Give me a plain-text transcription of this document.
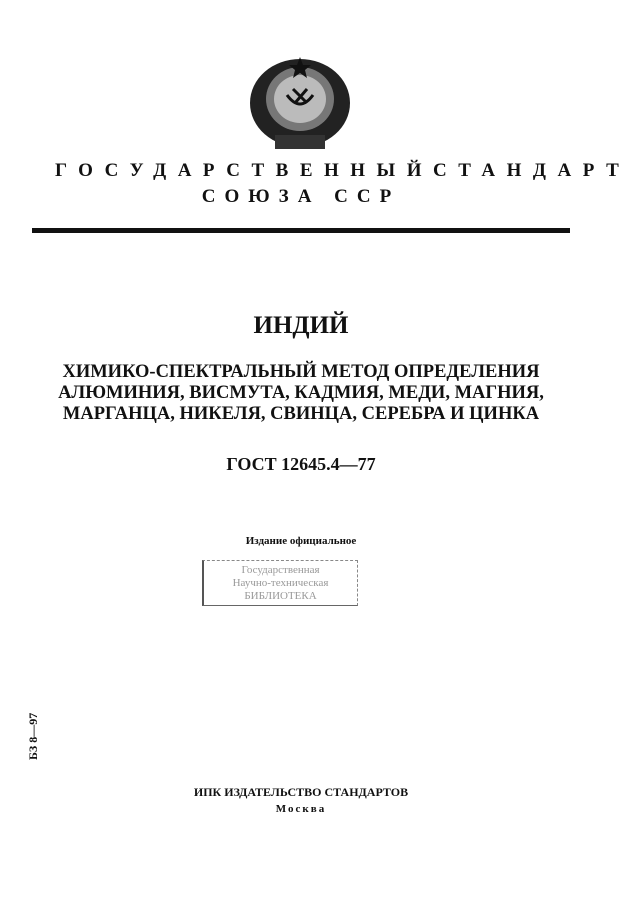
ГОСУДАРСТВЕННЫЙ СТАНДАРТ
СОЮЗА ССР
ИНДИЙ
ХИМИКО-СПЕКТРАЛЬНЫЙ МЕТОД ОПРЕДЕЛЕНИЯ
АЛЮМИНИЯ, ВИСМУТА, КАДМИЯ, МЕДИ, МАГНИЯ,
МАРГАНЦА, НИКЕЛЯ, СВИНЦА, СЕРЕБРА И ЦИНКА
ГОСТ 12645.4—77
Издание официальное
Государственная
Научно-техническая
БИБЛИОТЕКА
БЗ 8—97
ИПК ИЗДАТЕЛЬСТВО СТАНДАРТОВ
Москва
